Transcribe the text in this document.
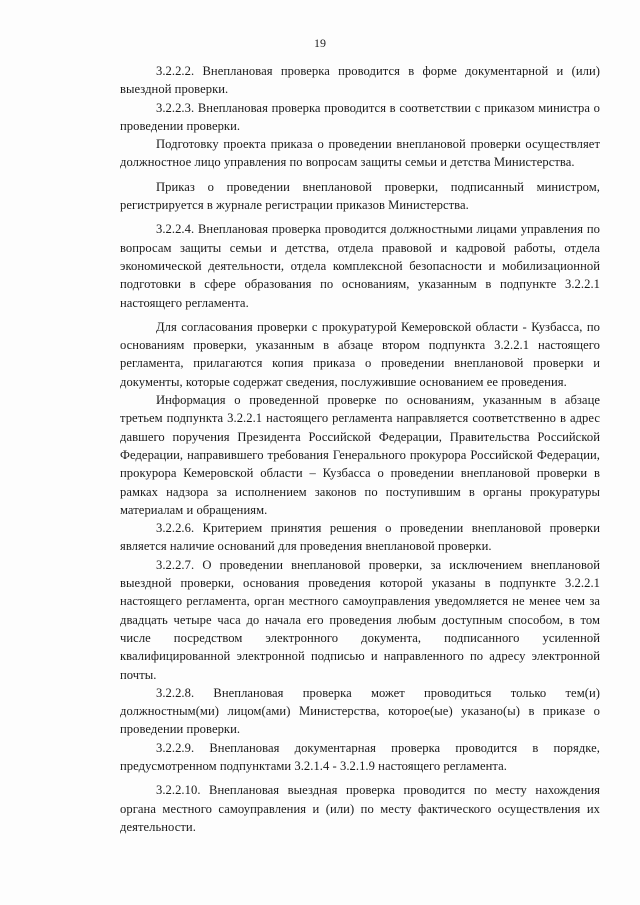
19

3.2.2.2. Внеплановая проверка проводится в форме документарной и (или) выездной проверки.

3.2.2.3. Внеплановая проверка проводится в соответствии с приказом министра о проведении проверки.

Подготовку проекта приказа о проведении внеплановой проверки осуществляет должностное лицо управления по вопросам защиты семьи и детства Министерства.

Приказ о проведении внеплановой проверки, подписанный министром, регистрируется в журнале регистрации приказов Министерства.

3.2.2.4. Внеплановая проверка проводится должностными лицами управления по вопросам защиты семьи и детства, отдела правовой и кадровой работы, отдела экономической деятельности, отдела комплексной безопасности и мобилизационной подготовки в сфере образования по основаниям, указанным в подпункте 3.2.2.1 настоящего регламента.

Для согласования проверки с прокуратурой Кемеровской области - Кузбасса, по основаниям проверки, указанным в абзаце втором подпункта 3.2.2.1 настоящего регламента, прилагаются копия приказа о проведении внеплановой проверки и документы, которые содержат сведения, послужившие основанием ее проведения.

Информация о проведенной проверке по основаниям, указанным в абзаце третьем подпункта 3.2.2.1 настоящего регламента направляется соответственно в адрес давшего поручения Президента Российской Федерации, Правительства Российской Федерации, направившего требования Генерального прокурора Российской Федерации, прокурора Кемеровской области – Кузбасса о проведении внеплановой проверки в рамках надзора за исполнением законов по поступившим в органы прокуратуры материалам и обращениям.

3.2.2.6. Критерием принятия решения о проведении внеплановой проверки является наличие оснований для проведения внеплановой проверки.

3.2.2.7. О проведении внеплановой проверки, за исключением внеплановой выездной проверки, основания проведения которой указаны в подпункте 3.2.2.1 настоящего регламента, орган местного самоуправления уведомляется не менее чем за двадцать четыре часа до начала его проведения любым доступным способом, в том числе посредством электронного документа, подписанного усиленной квалифицированной электронной подписью и направленного по адресу электронной почты.

3.2.2.8. Внеплановая проверка может проводиться только тем(и) должностным(ми) лицом(ами) Министерства, которое(ые) указано(ы) в приказе о проведении проверки.

3.2.2.9. Внеплановая документарная проверка проводится в порядке, предусмотренном подпунктами 3.2.1.4 - 3.2.1.9 настоящего регламента.

3.2.2.10. Внеплановая выездная проверка проводится по месту нахождения органа местного самоуправления и (или) по месту фактического осуществления их деятельности.
